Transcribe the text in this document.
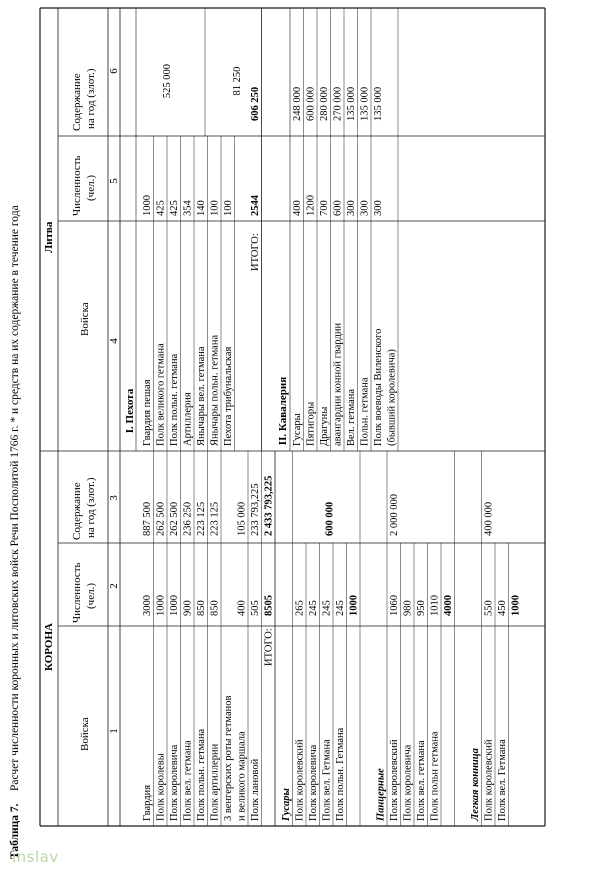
Таблица 7.
Расчет численности коронных и литовских войск Речи Посполитой 1766 г. * и средств на их содержание в течение года КОРОНА
Литва
Войска
Численность (чел.)
Содержание на год (злот.)
Войска
Численность (чел.)
Содержание на год (злот.)
1
2
3
4
5
6
I. Пехота
Гвардия
3000
887 500
Полк королевы
1000
262 500
Полк королевича
1000
262 500
Полк вел. гетмана
900
236 250
Полк польн. гетмана
850
223 125
Полк артиллерии
850
223 125
3 венгерских роты гетманов и великого маршала
400
105 000
Полк лановой
505
233 793,225
ИТОГО:
8505
2 433 793,225
Гвардия пешая
1000
Полк великого гетмана
425
Полк польн. гетмана
425
Артиллерия
354
Янычары вел. гетмана
140
Янычары польн. гетмана
100
Пехота трибунальская
100
525 000	81 250
ИТОГО:
2544
606 250
II. Кавалерия
Гусары Полк королевский
265
Полк королевича
245
Полк вел. Гетмана
245
Полк польн. Гетмана
245
600 000
1000
Панцерные Полк королевский
1060
Полк королевича
980
Полк вел. гетмана
950
Полк польн гетмана
1010
2 000 000
4000
Легкая конница Полк королевский
550
Полк вел. Гетмана
450
400 000
1000
Гусары
400
248 000
Пятигоры
1200
600 000
Драгуны
700
280 000
авангардии конной гвардии
600
270 000
Вел. гетмана
300
135 000
Польн. гетмана
300
135 000
Полк воеводы Виленского
300
135 000
(бывший королевича)
inslav
